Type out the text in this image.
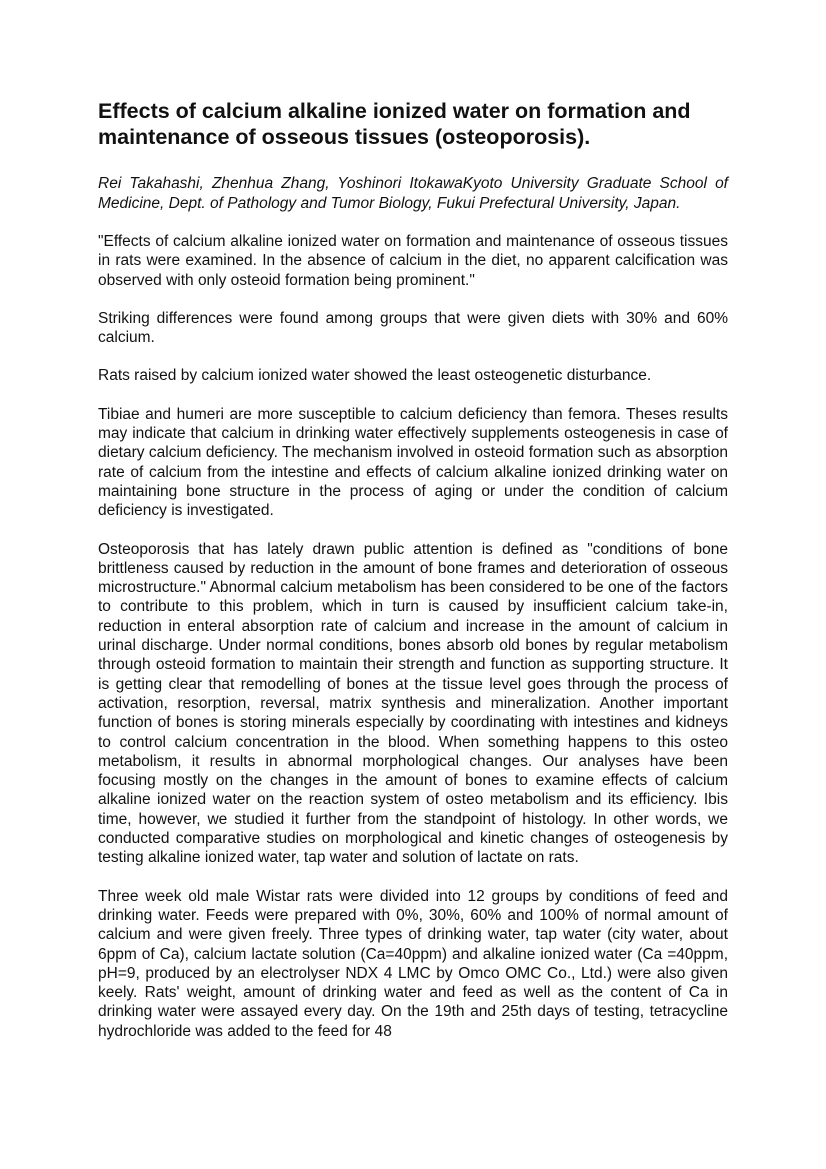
Effects of calcium alkaline ionized water on formation and maintenance of osseous tissues (osteoporosis).

Rei Takahashi, Zhenhua Zhang, Yoshinori ItokawaKyoto University Graduate School of Medicine, Dept. of Pathology and Tumor Biology, Fukui Prefectural University, Japan.

"Effects of calcium alkaline ionized water on formation and maintenance of osseous tissues in rats were examined. In the absence of calcium in the diet, no apparent calcification was observed with only osteoid formation being prominent."

Striking differences were found among groups that were given diets with 30% and 60% calcium.

Rats raised by calcium ionized water showed the least osteogenetic disturbance.

Tibiae and humeri are more susceptible to calcium deficiency than femora. Theses results may indicate that calcium in drinking water effectively supplements osteogenesis in case of dietary calcium deficiency. The mechanism involved in osteoid formation such as absorption rate of calcium from the intestine and effects of calcium alkaline ionized drinking water on maintaining bone structure in the process of aging or under the condition of calcium deficiency is investigated.

Osteoporosis that has lately drawn public attention is defined as "conditions of bone brittleness caused by reduction in the amount of bone frames and deterioration of osseous microstructure." Abnormal calcium metabolism has been considered to be one of the factors to contribute to this problem, which in turn is caused by insufficient calcium take-in, reduction in enteral absorption rate of calcium and increase in the amount of calcium in urinal discharge. Under normal conditions, bones absorb old bones by regular metabolism through osteoid formation to maintain their strength and function as supporting structure. It is getting clear that remodelling of bones at the tissue level goes through the process of activation, resorption, reversal, matrix synthesis and mineralization. Another important function of bones is storing minerals especially by coordinating with intestines and kidneys to control calcium concentration in the blood. When something happens to this osteo metabolism, it results in abnormal morphological changes. Our analyses have been focusing mostly on the changes in the amount of bones to examine effects of calcium alkaline ionized water on the reaction system of osteo metabolism and its efficiency. Ibis time, however, we studied it further from the standpoint of histology. In other words, we conducted comparative studies on morphological and kinetic changes of osteogenesis by testing alkaline ionized water, tap water and solution of lactate on rats.

Three week old male Wistar rats were divided into 12 groups by conditions of feed and drinking water. Feeds were prepared with 0%, 30%, 60% and 100% of normal amount of calcium and were given freely. Three types of drinking water, tap water (city water, about 6ppm of Ca), calcium lactate solution (Ca=40ppm) and alkaline ionized water (Ca =40ppm, pH=9, produced by an electrolyser NDX 4 LMC by Omco OMC Co., Ltd.) were also given keely. Rats' weight, amount of drinking water and feed as well as the content of Ca in drinking water were assayed every day. On the 19th and 25th days of testing, tetracycline hydrochloride was added to the feed for 48
